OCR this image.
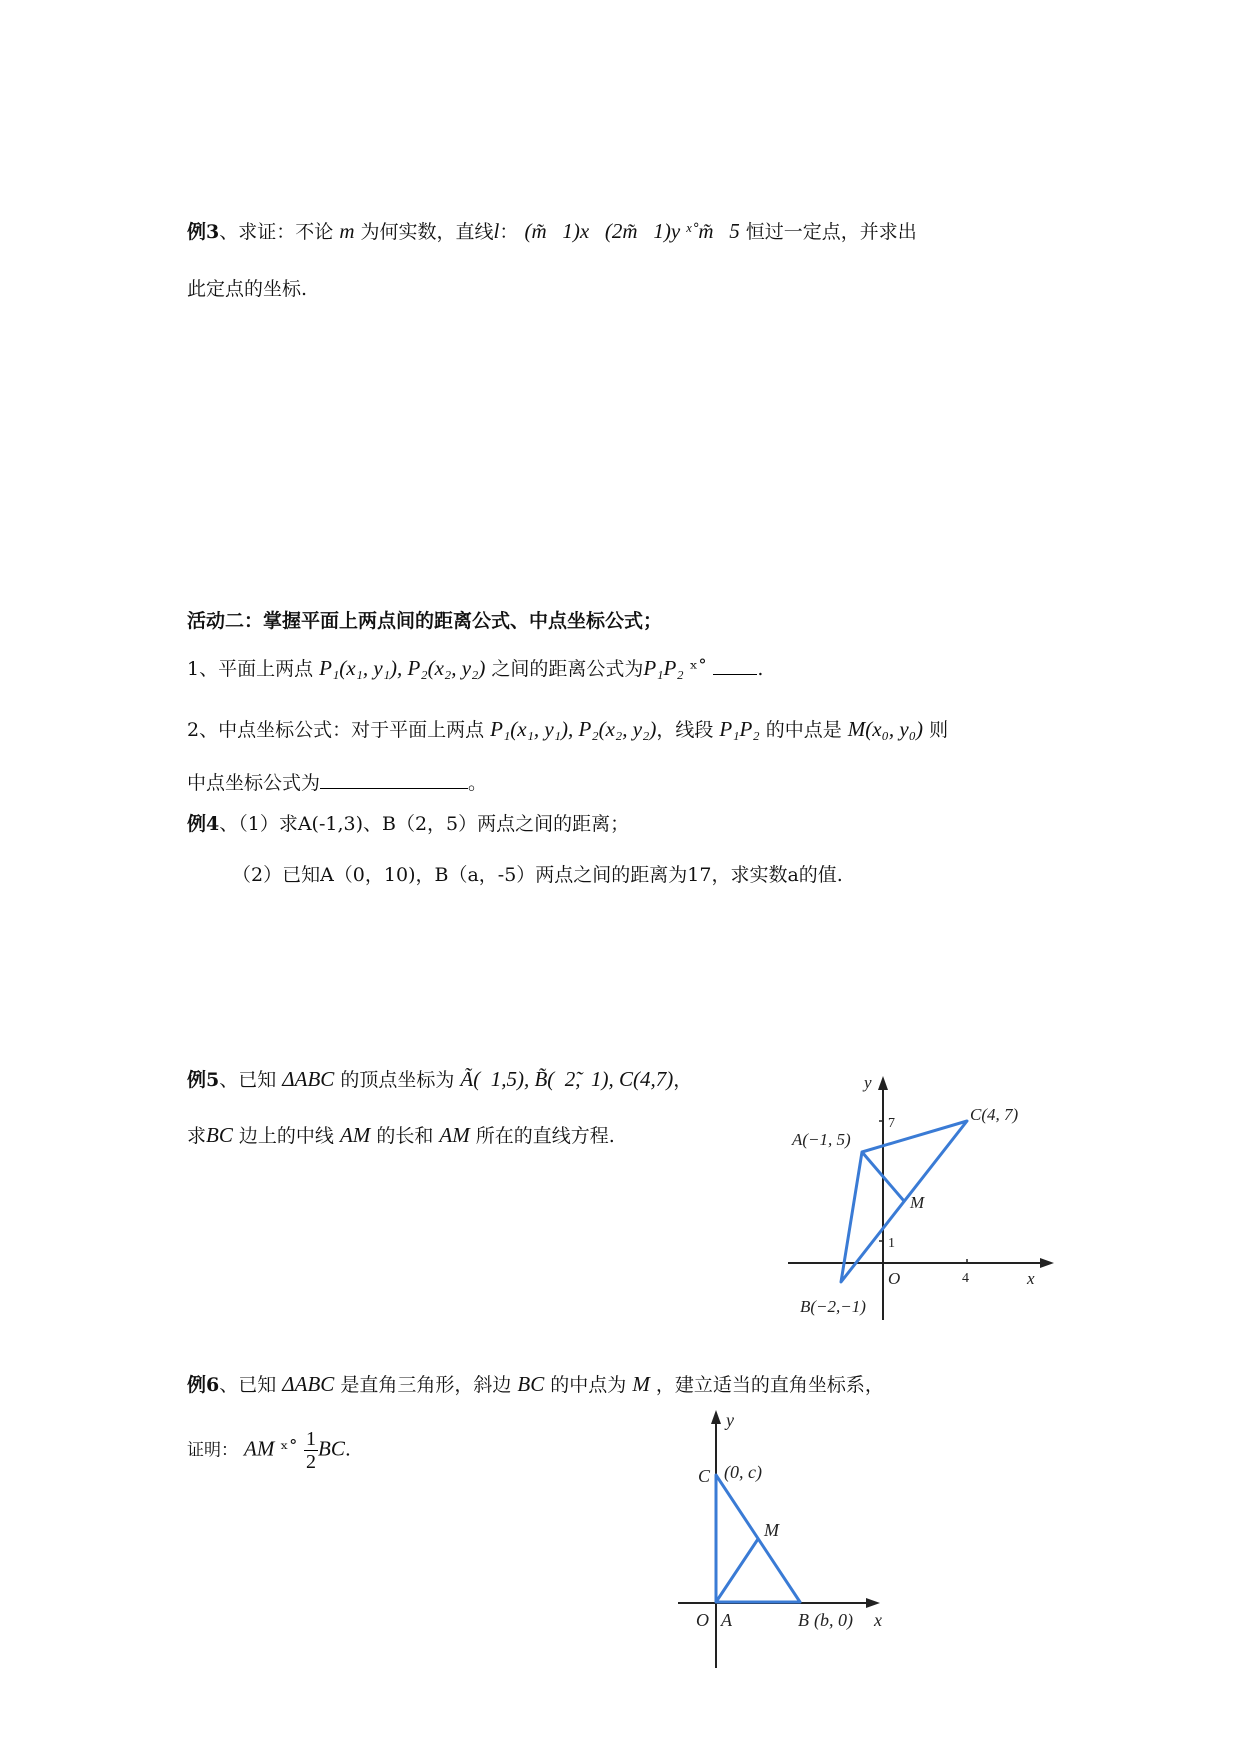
例3、求证：不论 m 为何实数，直线l： (m̃   1)x   (2m̃   1)y ˣ˚m̃   5 恒过一定点，并求出
此定点的坐标.
活动二：掌握平面上两点间的距离公式、中点坐标公式；
1、平面上两点 P₁(x₁, y₁), P₂(x₂, y₂) 之间的距离公式为P₁P₂ ˣ˚	.
2、中点坐标公式：对于平面上两点 P₁(x₁, y₁), P₂(x₂, y₂)，线段 P₁P₂ 的中点是 M(x₀, y₀) 则
中点坐标公式为	。
例4、（1）求A(-1,3)、B（2，5）两点之间的距离；
（2）已知A（0，10)，B（a，-5）两点之间的距离为17，求实数a的值.
例5、已知 ΔABC 的顶点坐标为 Ã(  1,5), B̃(  2̃,  1), C(4,7)，
求BC 边上的中线 AM 的长和 AM 所在的直线方程.
y
x
O
A(−1, 5)
B(−2,−1)
C(4, 7)
M
7
1
4
例6、已知 ΔABC 是直角三角形，斜边 BC 的中点为 M ，建立适当的直角坐标系，
证明： AM ˣ˚ $\frac{1}{2}$ BC.
y
x
O A
C (0, c)
B (b, 0)
M
